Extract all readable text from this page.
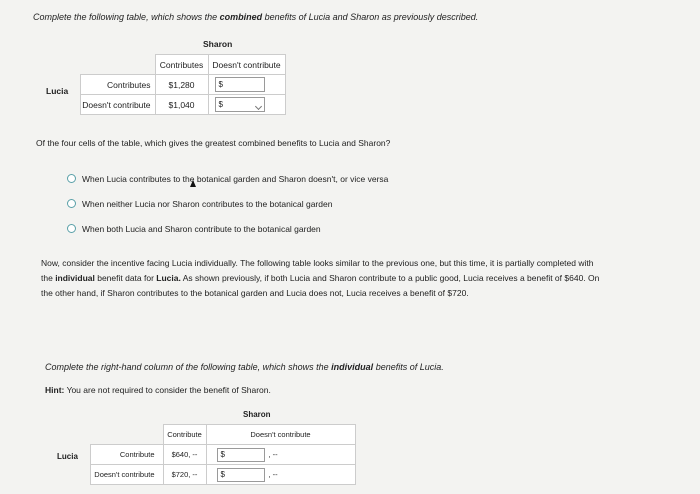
Complete the following table, which shows the combined benefits of Lucia and Sharon as previously described.
Sharon
Lucia
	Contributes	Doesn't contribute
Contributes	$1,280	$

Doesn't contribute	$1,040	$
Of the four cells of the table, which gives the greatest combined benefits to Lucia and Sharon?
When Lucia contributes to the botanical garden and Sharon doesn't, or vice versa
When neither Lucia nor Sharon contributes to the botanical garden
When both Lucia and Sharon contribute to the botanical garden
Now, consider the incentive facing Lucia individually. The following table looks similar to the previous one, but this time, it is partially completed with
the individual benefit data for Lucia. As shown previously, if both Lucia and Sharon contribute to a public good, Lucia receives a benefit of $640. On
the other hand, if Sharon contributes to the botanical garden and Lucia does not, Lucia receives a benefit of $720.
Complete the right-hand column of the following table, which shows the individual benefits of Lucia.
Hint: You are not required to consider the benefit of Sharon.
Sharon
Lucia
	Contribute	Doesn't contribute
Contribute	$640, --	$ , --
Doesn't contribute	$720, --	$ , --
